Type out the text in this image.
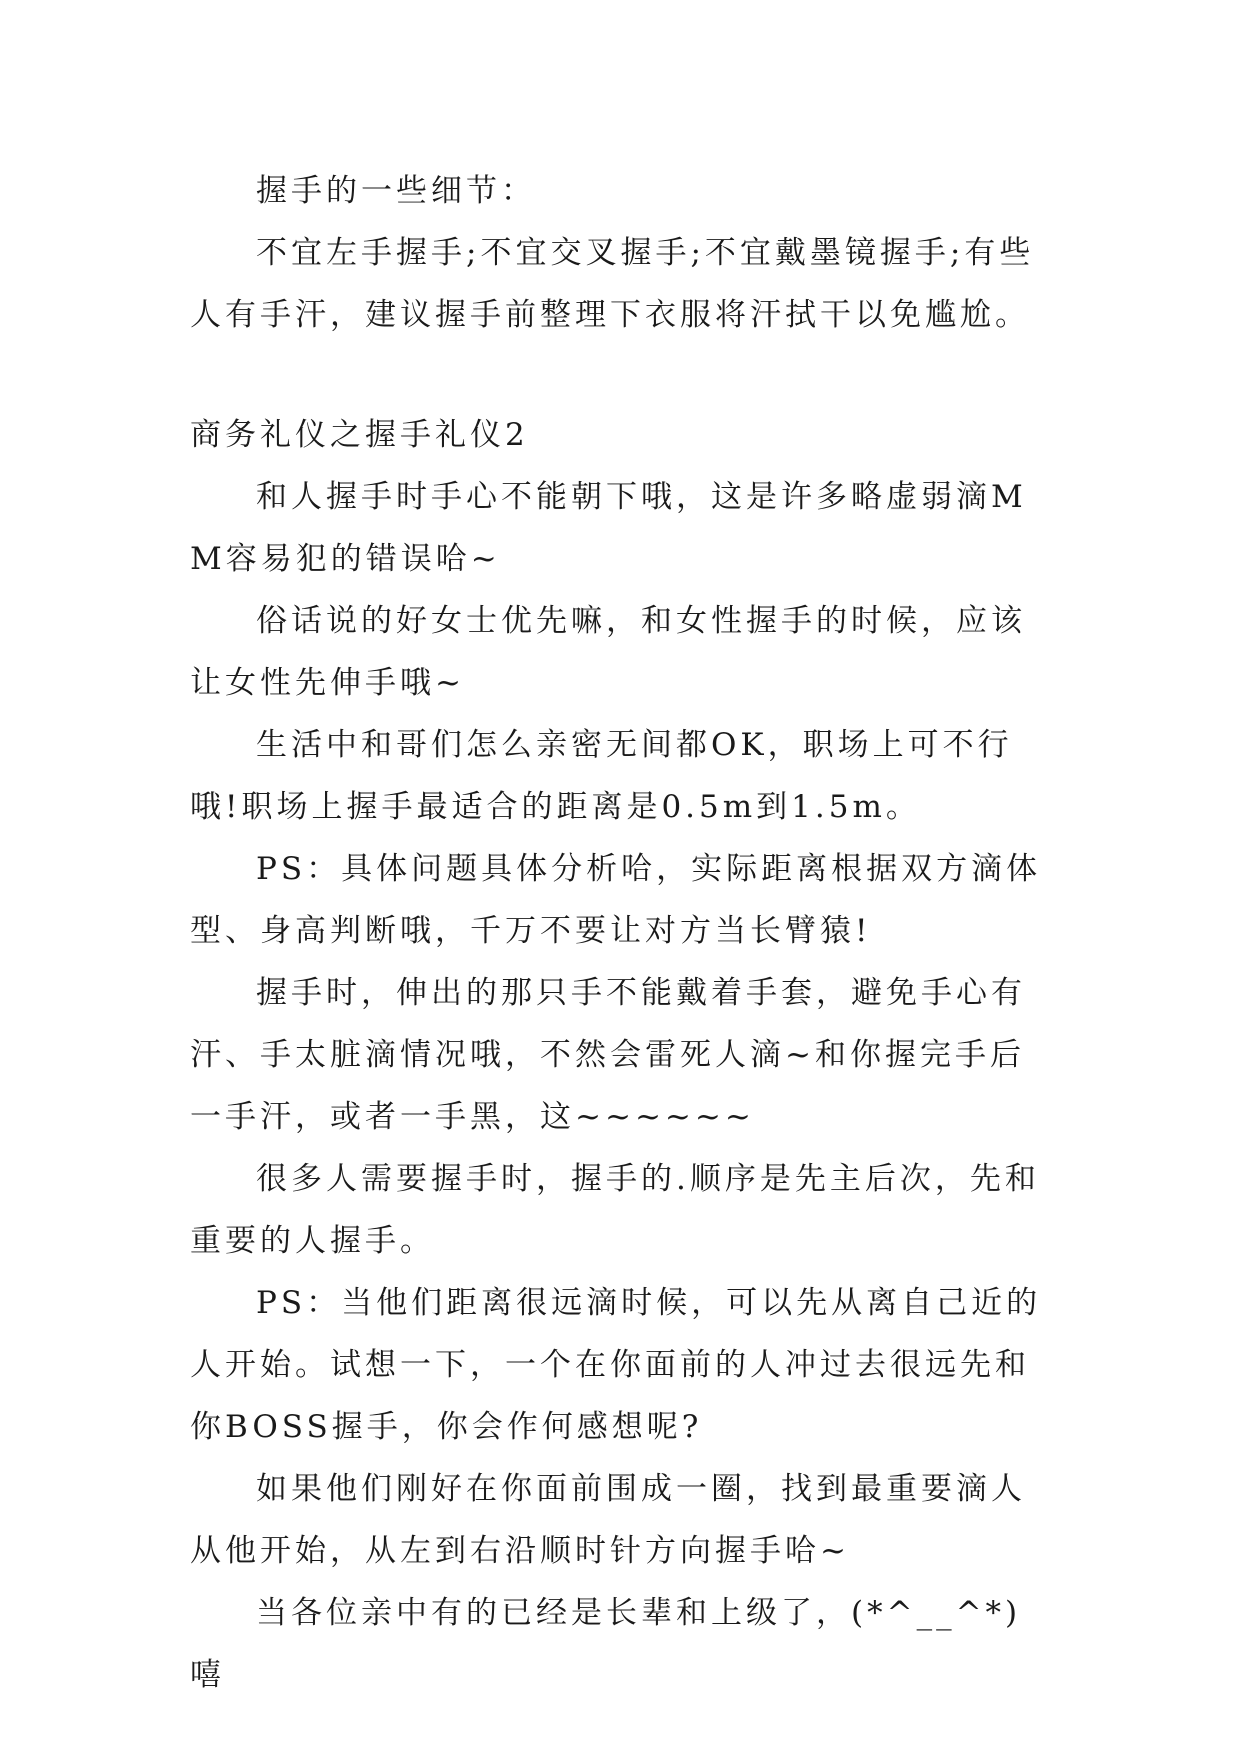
握手的一些细节：

不宜左手握手;不宜交叉握手;不宜戴墨镜握手;有些人有手汗，建议握手前整理下衣服将汗拭干以免尴尬。

商务礼仪之握手礼仪2

和人握手时手心不能朝下哦，这是许多略虚弱滴MM容易犯的错误哈~

俗话说的好女士优先嘛，和女性握手的时候，应该让女性先伸手哦~

生活中和哥们怎么亲密无间都OK，职场上可不行哦!职场上握手最适合的距离是0.5m到1.5m。

PS：具体问题具体分析哈，实际距离根据双方滴体型、身高判断哦，千万不要让对方当长臂猿!

握手时，伸出的那只手不能戴着手套，避免手心有汗、手太脏滴情况哦，不然会雷死人滴~和你握完手后一手汗，或者一手黑，这~~~~~~

很多人需要握手时，握手的.顺序是先主后次，先和重要的人握手。

PS：当他们距离很远滴时候，可以先从离自己近的人开始。试想一下，一个在你面前的人冲过去很远先和你BOSS握手，你会作何感想呢?

如果他们刚好在你面前围成一圈，找到最重要滴人从他开始，从左到右沿顺时针方向握手哈~

当各位亲中有的已经是长辈和上级了，(*^__^*) 嘻
